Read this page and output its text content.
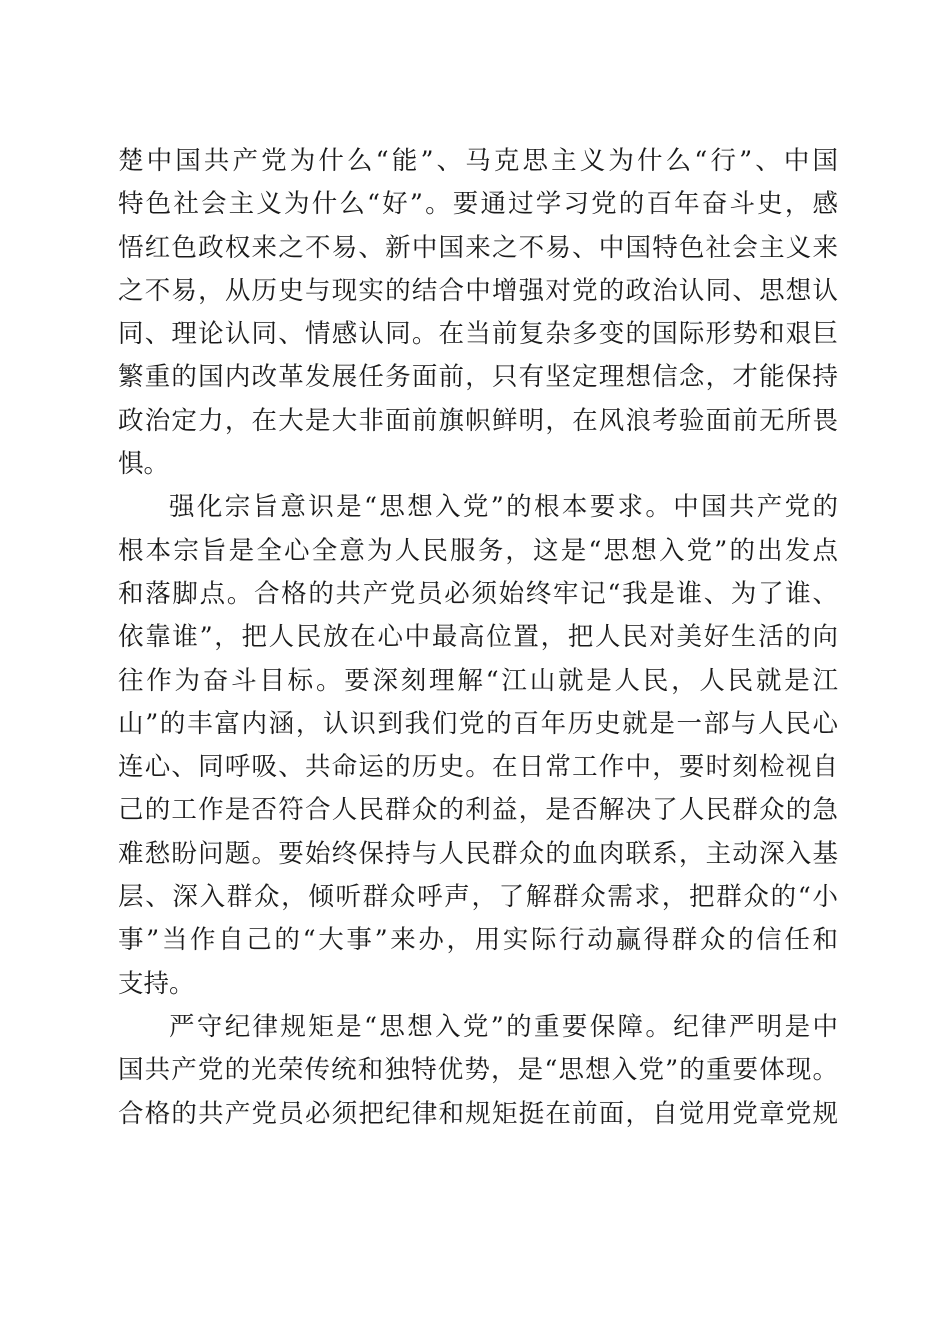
楚中国共产党为什么“能”、马克思主义为什么“行”、中国
特色社会主义为什么“好”。要通过学习党的百年奋斗史，感
悟红色政权来之不易、新中国来之不易、中国特色社会主义来
之不易，从历史与现实的结合中增强对党的政治认同、思想认
同、理论认同、情感认同。在当前复杂多变的国际形势和艰巨
繁重的国内改革发展任务面前，只有坚定理想信念，才能保持
政治定力，在大是大非面前旗帜鲜明，在风浪考验面前无所畏
惧。
强化宗旨意识是“思想入党”的根本要求。中国共产党的
根本宗旨是全心全意为人民服务，这是“思想入党”的出发点
和落脚点。合格的共产党员必须始终牢记“我是谁、为了谁、
依靠谁”，把人民放在心中最高位置，把人民对美好生活的向
往作为奋斗目标。要深刻理解“江山就是人民，人民就是江
山”的丰富内涵，认识到我们党的百年历史就是一部与人民心
连心、同呼吸、共命运的历史。在日常工作中，要时刻检视自
己的工作是否符合人民群众的利益，是否解决了人民群众的急
难愁盼问题。要始终保持与人民群众的血肉联系，主动深入基
层、深入群众，倾听群众呼声，了解群众需求，把群众的“小
事”当作自己的“大事”来办，用实际行动赢得群众的信任和
支持。
严守纪律规矩是“思想入党”的重要保障。纪律严明是中
国共产党的光荣传统和独特优势，是“思想入党”的重要体现。
合格的共产党员必须把纪律和规矩挺在前面，自觉用党章党规
